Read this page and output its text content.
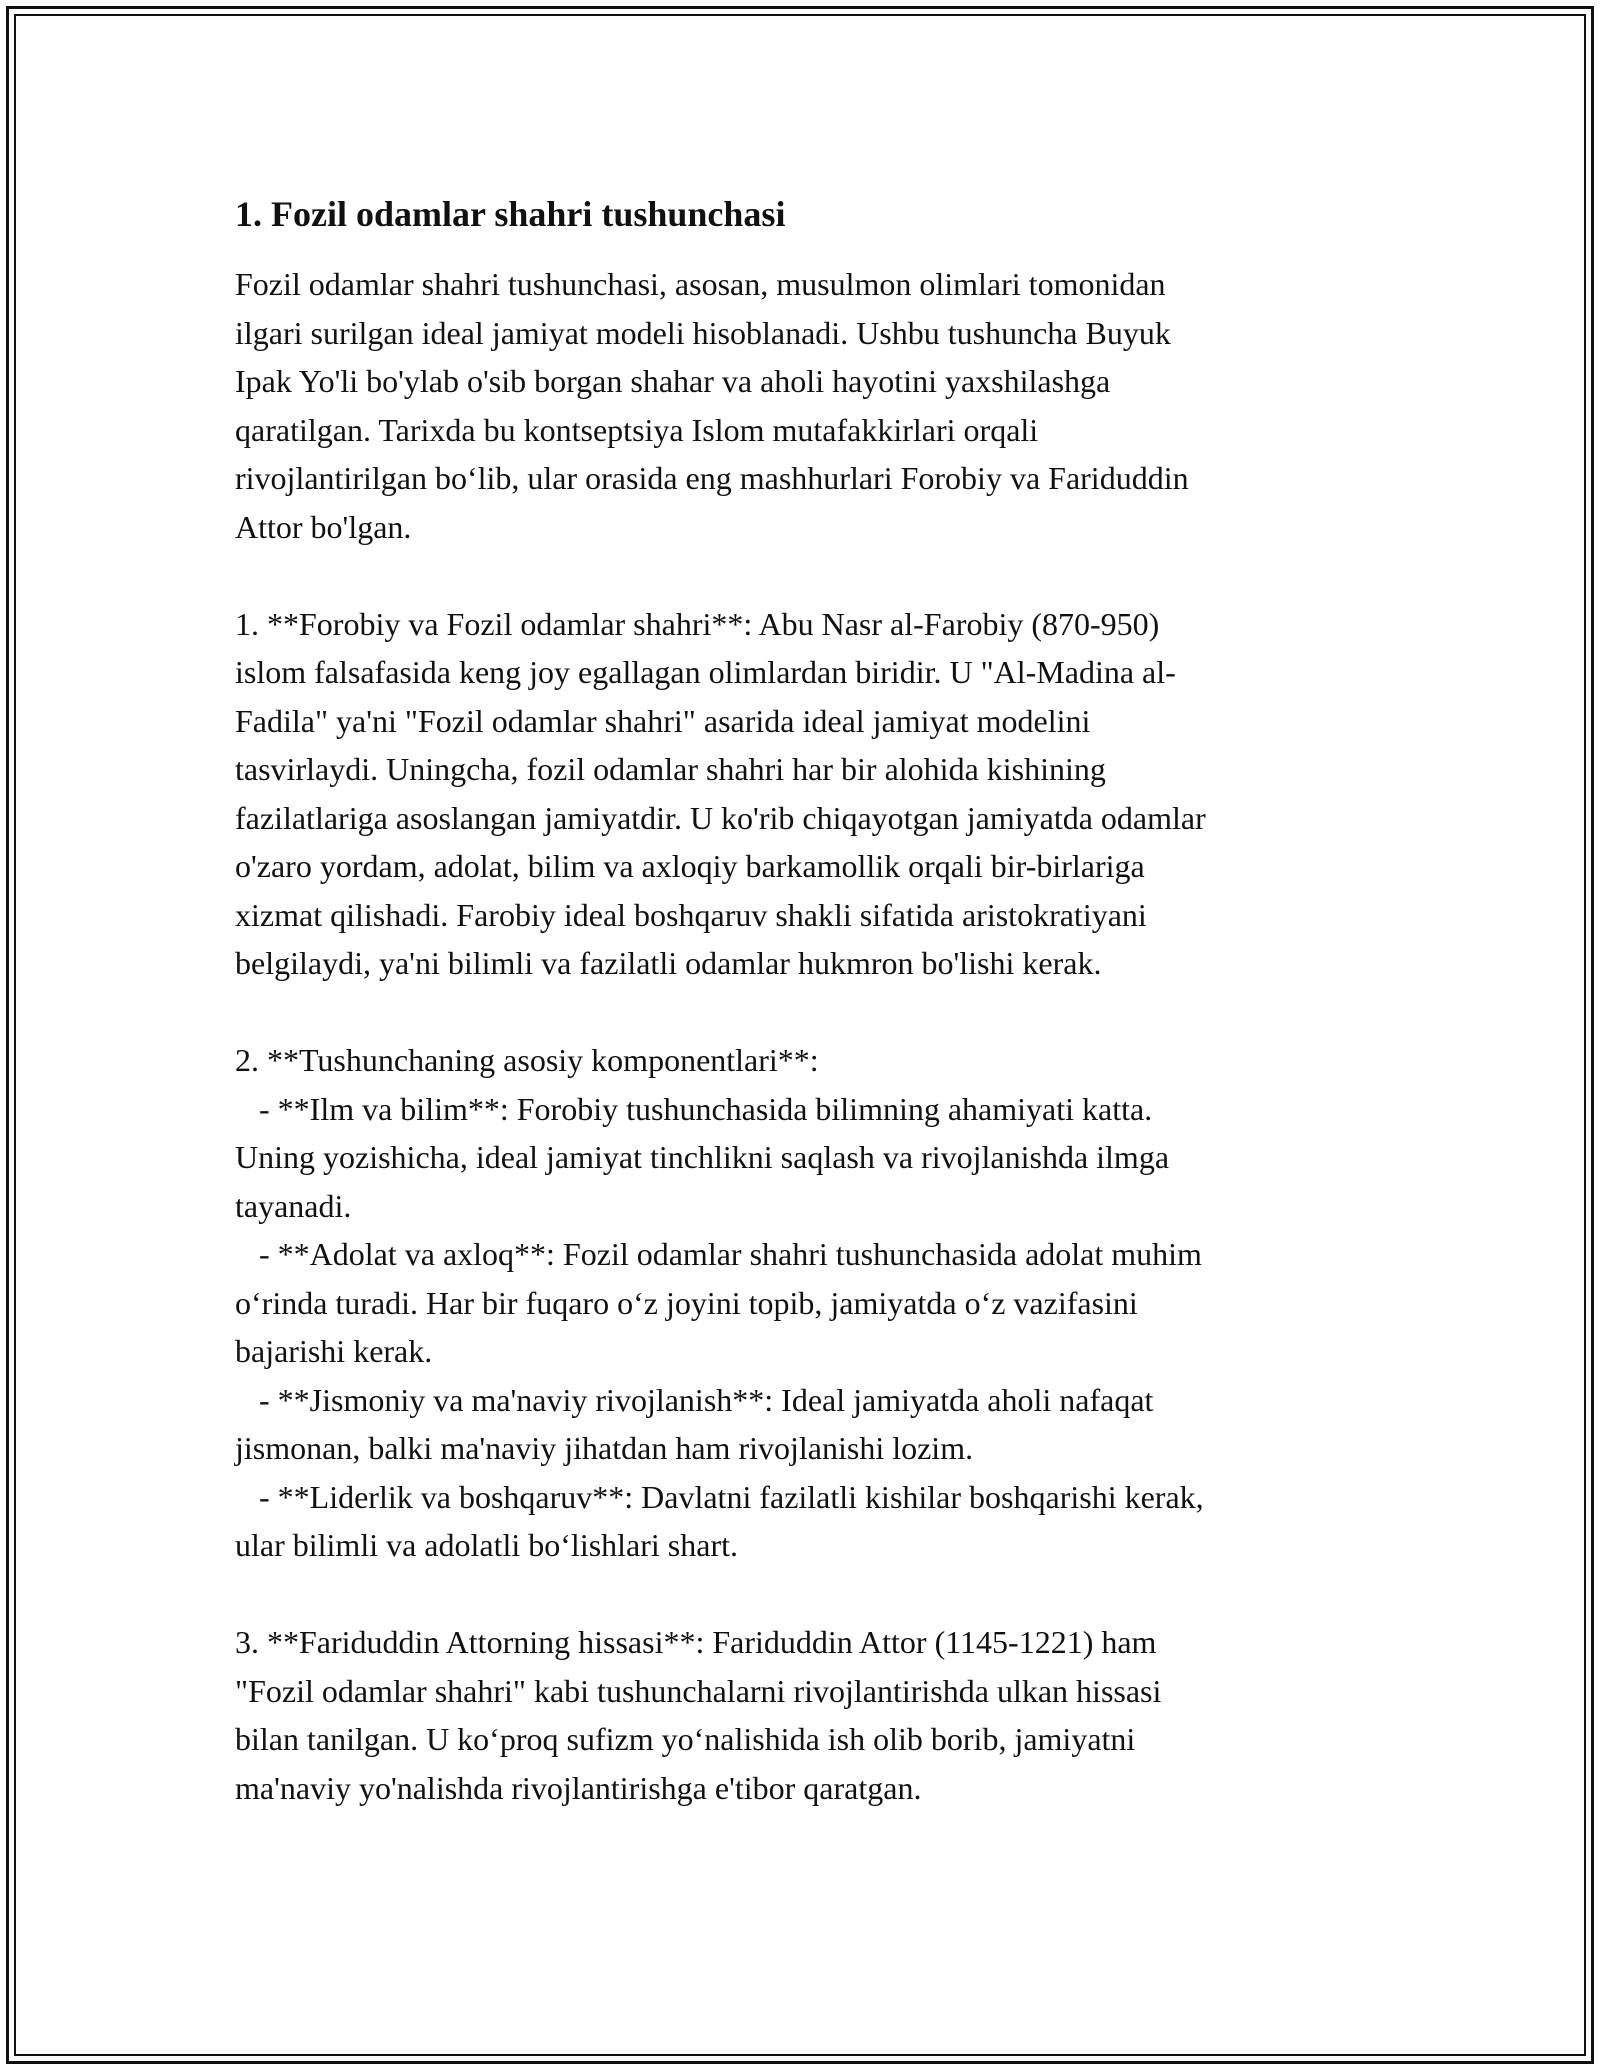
1. Fozil odamlar shahri tushunchasi

Fozil odamlar shahri tushunchasi, asosan, musulmon olimlari tomonidan
ilgari surilgan ideal jamiyat modeli hisoblanadi. Ushbu tushuncha Buyuk
Ipak Yo'li bo'ylab o'sib borgan shahar va aholi hayotini yaxshilashga
qaratilgan. Tarixda bu kontseptsiya Islom mutafakkirlari orqali
rivojlantirilgan bo‘lib, ular orasida eng mashhurlari Forobiy va Fariduddin
Attor bo'lgan.

1. **Forobiy va Fozil odamlar shahri**: Abu Nasr al-Farobiy (870-950)
islom falsafasida keng joy egallagan olimlardan biridir. U "Al-Madina al-
Fadila" ya'ni "Fozil odamlar shahri" asarida ideal jamiyat modelini
tasvirlaydi. Uningcha, fozil odamlar shahri har bir alohida kishining
fazilatlariga asoslangan jamiyatdir. U ko'rib chiqayotgan jamiyatda odamlar
o'zaro yordam, adolat, bilim va axloqiy barkamollik orqali bir-birlariga
xizmat qilishadi. Farobiy ideal boshqaruv shakli sifatida aristokratiyani
belgilaydi, ya'ni bilimli va fazilatli odamlar hukmron bo'lishi kerak.

2. **Tushunchaning asosiy komponentlari**:
- **Ilm va bilim**: Forobiy tushunchasida bilimning ahamiyati katta.
Uning yozishicha, ideal jamiyat tinchlikni saqlash va rivojlanishda ilmga
tayanadi.
- **Adolat va axloq**: Fozil odamlar shahri tushunchasida adolat muhim
o‘rinda turadi. Har bir fuqaro o‘z joyini topib, jamiyatda o‘z vazifasini
bajarishi kerak.
- **Jismoniy va ma'naviy rivojlanish**: Ideal jamiyatda aholi nafaqat
jismonan, balki ma'naviy jihatdan ham rivojlanishi lozim.
- **Liderlik va boshqaruv**: Davlatni fazilatli kishilar boshqarishi kerak,
ular bilimli va adolatli bo‘lishlari shart.

3. **Fariduddin Attorning hissasi**: Fariduddin Attor (1145-1221) ham
"Fozil odamlar shahri" kabi tushunchalarni rivojlantirishda ulkan hissasi
bilan tanilgan. U ko‘proq sufizm yo‘nalishida ish olib borib, jamiyatni
ma'naviy yo'nalishda rivojlantirishga e'tibor qaratgan.
